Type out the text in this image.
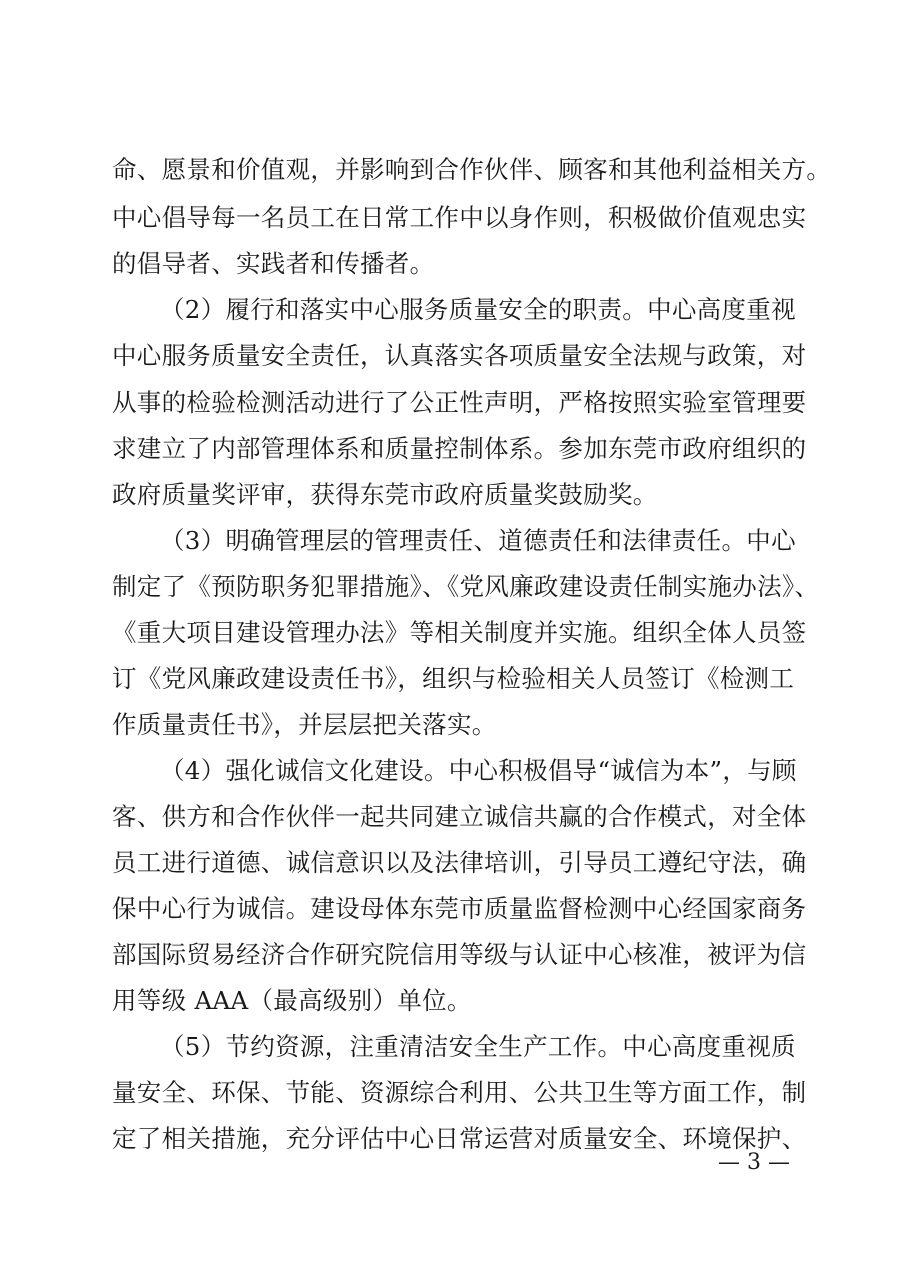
命、愿景和价值观，并影响到合作伙伴、顾客和其他利益相关方。
中心倡导每一名员工在日常工作中以身作则，积极做价值观忠实
的倡导者、实践者和传播者。
（2）履行和落实中心服务质量安全的职责。中心高度重视
中心服务质量安全责任，认真落实各项质量安全法规与政策，对
从事的检验检测活动进行了公正性声明，严格按照实验室管理要
求建立了内部管理体系和质量控制体系。参加东莞市政府组织的
政府质量奖评审，获得东莞市政府质量奖鼓励奖。
（3）明确管理层的管理责任、道德责任和法律责任。中心
制定了《预防职务犯罪措施》、《党风廉政建设责任制实施办法》、
《重大项目建设管理办法》等相关制度并实施。组织全体人员签
订《党风廉政建设责任书》，组织与检验相关人员签订《检测工
作质量责任书》，并层层把关落实。
（4）强化诚信文化建设。中心积极倡导“诚信为本”，与顾
客、供方和合作伙伴一起共同建立诚信共赢的合作模式，对全体
员工进行道德、诚信意识以及法律培训，引导员工遵纪守法，确
保中心行为诚信。建设母体东莞市质量监督检测中心经国家商务
部国际贸易经济合作研究院信用等级与认证中心核准，被评为信
用等级 AAA（最高级别）单位。
（5）节约资源，注重清洁安全生产工作。中心高度重视质
量安全、环保、节能、资源综合利用、公共卫生等方面工作，制
定了相关措施，充分评估中心日常运营对质量安全、环境保护、
— 3 —
